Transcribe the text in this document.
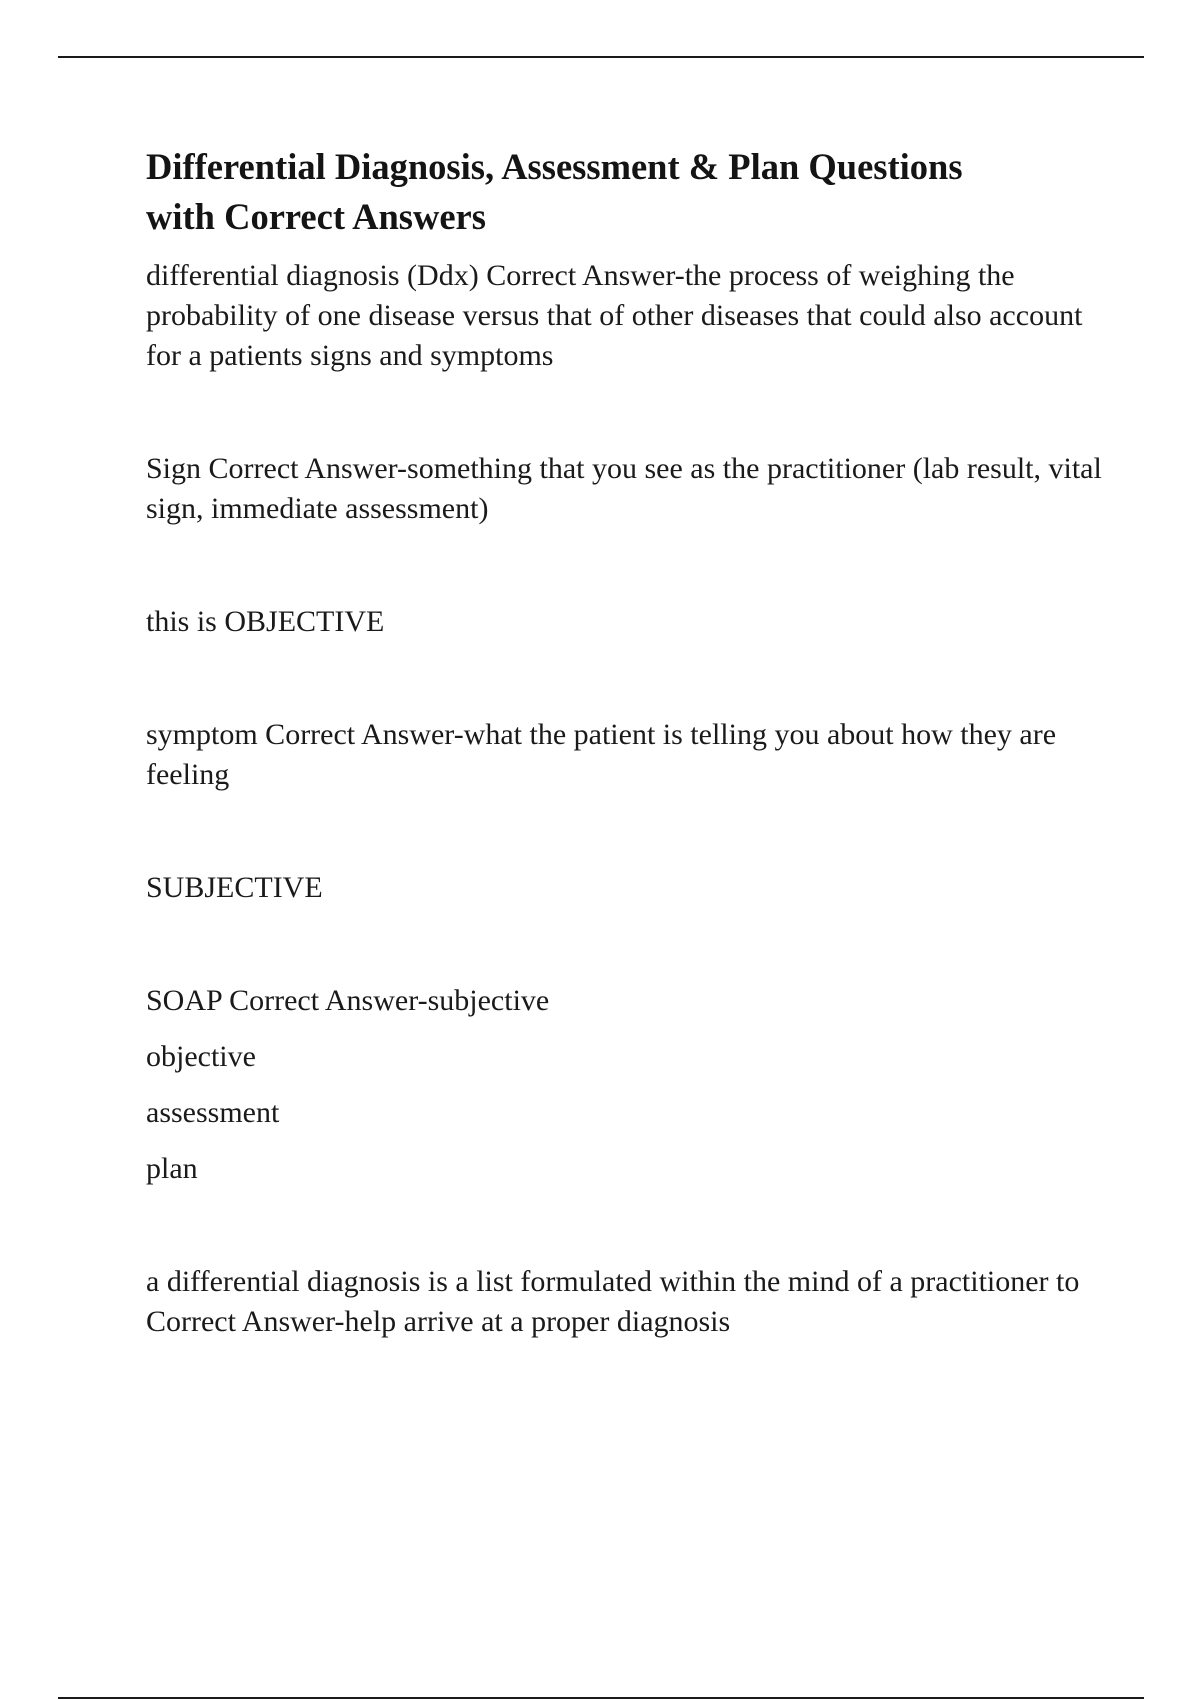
Differential Diagnosis, Assessment & Plan Questions
with Correct Answers

differential diagnosis (Ddx) Correct Answer-the process of weighing the probability of one disease versus that of other diseases that could also account for a patients signs and symptoms

Sign Correct Answer-something that you see as the practitioner (lab result, vital sign, immediate assessment)

this is OBJECTIVE

symptom Correct Answer-what the patient is telling you about how they are feeling

SUBJECTIVE

SOAP Correct Answer-subjective

objective

assessment

plan

a differential diagnosis is a list formulated within the mind of a practitioner to Correct Answer-help arrive at a proper diagnosis
